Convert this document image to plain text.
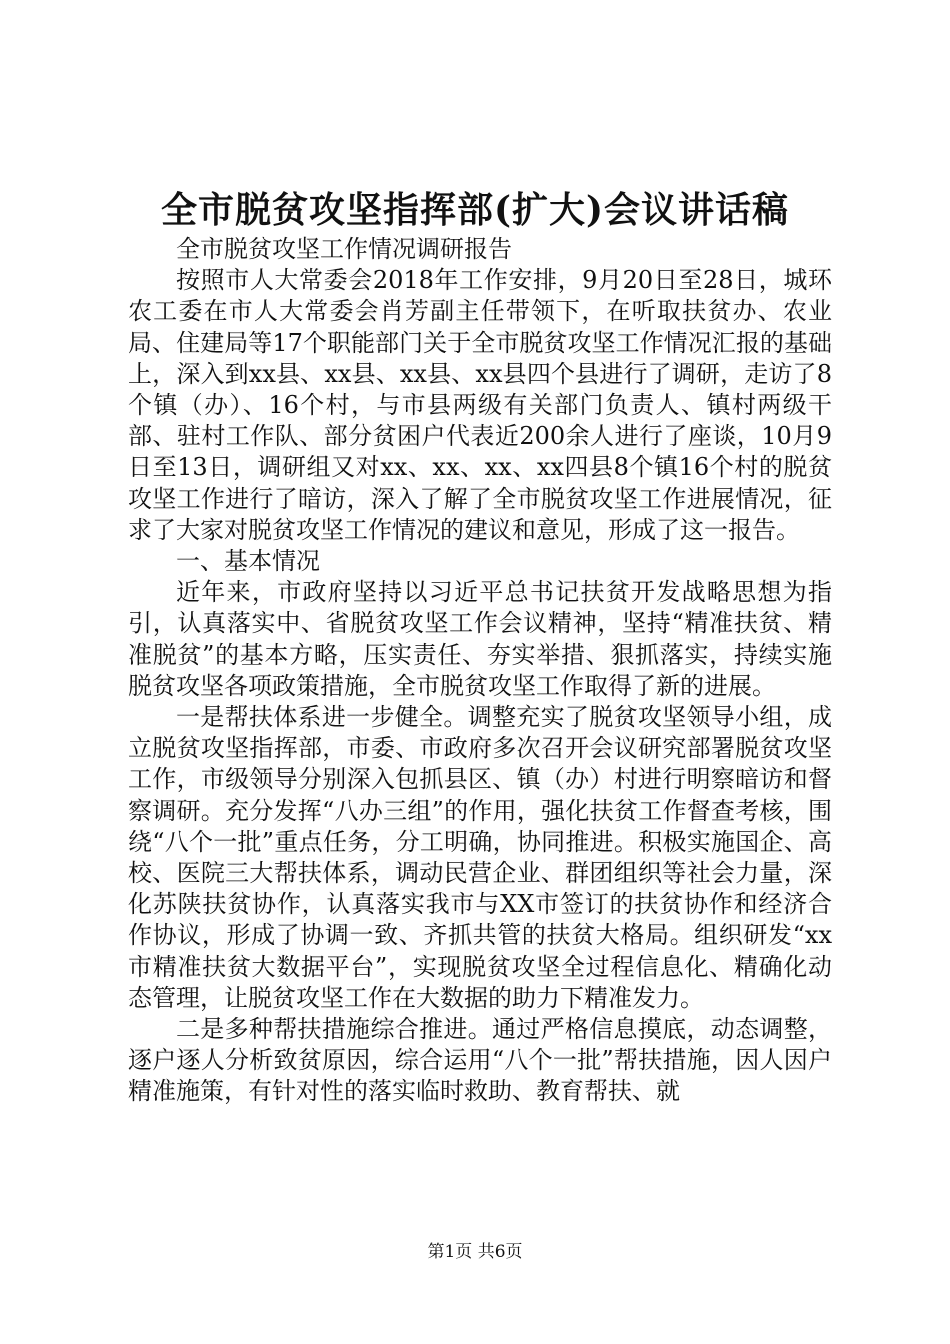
全市脱贫攻坚指挥部(扩大)会议讲话稿

全市脱贫攻坚工作情况调研报告

按照市人大常委会2018年工作安排，9月20日至28日，城环农工委在市人大常委会肖芳副主任带领下，在听取扶贫办、农业局、住建局等17个职能部门关于全市脱贫攻坚工作情况汇报的基础上，深入到xx县、xx县、xx县、xx县四个县进行了调研，走访了8个镇（办）、16个村，与市县两级有关部门负责人、镇村两级干部、驻村工作队、部分贫困户代表近200余人进行了座谈，10月9日至13日，调研组又对xx、xx、xx、xx四县8个镇16个村的脱贫攻坚工作进行了暗访，深入了解了全市脱贫攻坚工作进展情况，征求了大家对脱贫攻坚工作情况的建议和意见，形成了这一报告。

一、基本情况

近年来，市政府坚持以习近平总书记扶贫开发战略思想为指引，认真落实中、省脱贫攻坚工作会议精神，坚持“精准扶贫、精准脱贫”的基本方略，压实责任、夯实举措、狠抓落实，持续实施脱贫攻坚各项政策措施，全市脱贫攻坚工作取得了新的进展。

一是帮扶体系进一步健全。调整充实了脱贫攻坚领导小组，成立脱贫攻坚指挥部，市委、市政府多次召开会议研究部署脱贫攻坚工作，市级领导分别深入包抓县区、镇（办）村进行明察暗访和督察调研。充分发挥“八办三组”的作用，强化扶贫工作督查考核，围绕“八个一批”重点任务，分工明确，协同推进。积极实施国企、高校、医院三大帮扶体系，调动民营企业、群团组织等社会力量，深化苏陕扶贫协作，认真落实我市与XX市签订的扶贫协作和经济合作协议，形成了协调一致、齐抓共管的扶贫大格局。组织研发“xx市精准扶贫大数据平台”，实现脱贫攻坚全过程信息化、精确化动态管理，让脱贫攻坚工作在大数据的助力下精准发力。

二是多种帮扶措施综合推进。通过严格信息摸底，动态调整，逐户逐人分析致贫原因，综合运用“八个一批”帮扶措施，因人因户精准施策，有针对性的落实临时救助、教育帮扶、就

第1页 共6页
